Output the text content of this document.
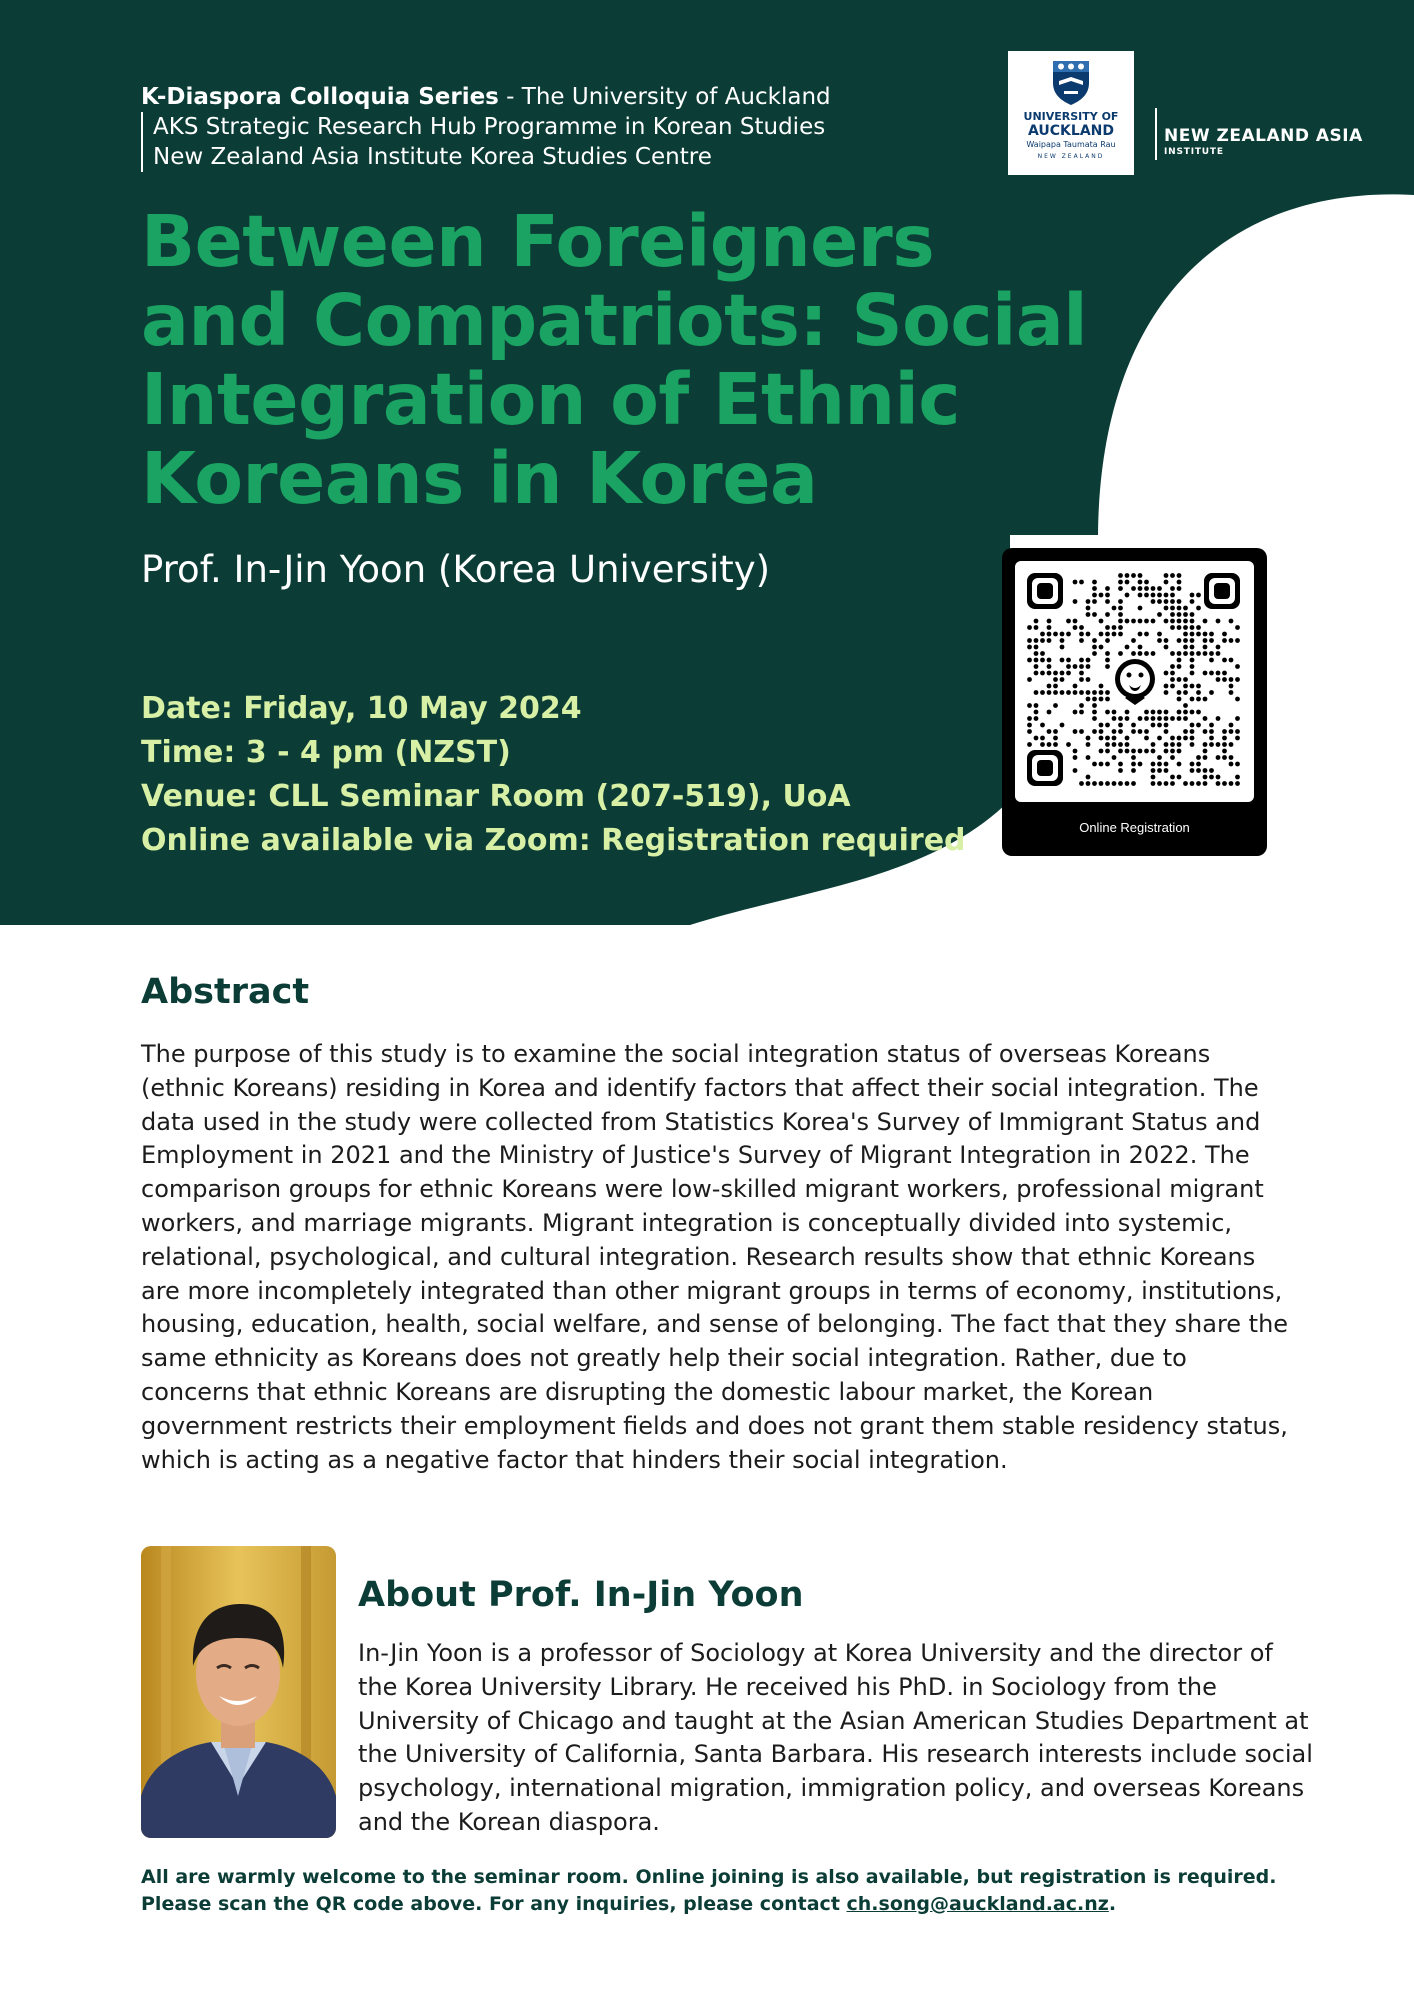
K-Diaspora Colloquia Series - The University of Auckland
AKS Strategic Research Hub Programme in Korean Studies
New Zealand Asia Institute Korea Studies Centre
UNIVERSITY OF
AUCKLAND
Waipapa Taumata Rau
NEW ZEALAND
NEW ZEALAND ASIA
INSTITUTE
Between Foreigners and Compatriots: Social Integration of Ethnic Koreans in Korea
Prof. In-Jin Yoon (Korea University)
Date: Friday, 10 May 2024
Time: 3 - 4 pm (NZST)
Venue: CLL Seminar Room (207-519), UoA
Online available via Zoom: Registration required	Online Registration
Abstract

The purpose of this study is to examine the social integration status of overseas Koreans (ethnic Koreans) residing in Korea and identify factors that affect their social integration. The data used in the study were collected from Statistics Korea's Survey of Immigrant Status and Employment in 2021 and the Ministry of Justice's Survey of Migrant Integration in 2022. The comparison groups for ethnic Koreans were low-skilled migrant workers, professional migrant workers, and marriage migrants. Migrant integration is conceptually divided into systemic, relational, psychological, and cultural integration. Research results show that ethnic Koreans are more incompletely integrated than other migrant groups in terms of economy, institutions, housing, education, health, social welfare, and sense of belonging. The fact that they share the same ethnicity as Koreans does not greatly help their social integration. Rather, due to concerns that ethnic Koreans are disrupting the domestic labour market, the Korean government restricts their employment fields and does not grant them stable residency status, which is acting as a negative factor that hinders their social integration.

About Prof. In-Jin Yoon

In-Jin Yoon is a professor of Sociology at Korea University and the director of the Korea University Library. He received his PhD. in Sociology from the University of Chicago and taught at the Asian American Studies Department at the University of California, Santa Barbara. His research interests include social psychology, international migration, immigration policy, and overseas Koreans and the Korean diaspora.

All are warmly welcome to the seminar room. Online joining is also available, but registration is required.
Please scan the QR code above. For any inquiries, please contact ch.song@auckland.ac.nz.
